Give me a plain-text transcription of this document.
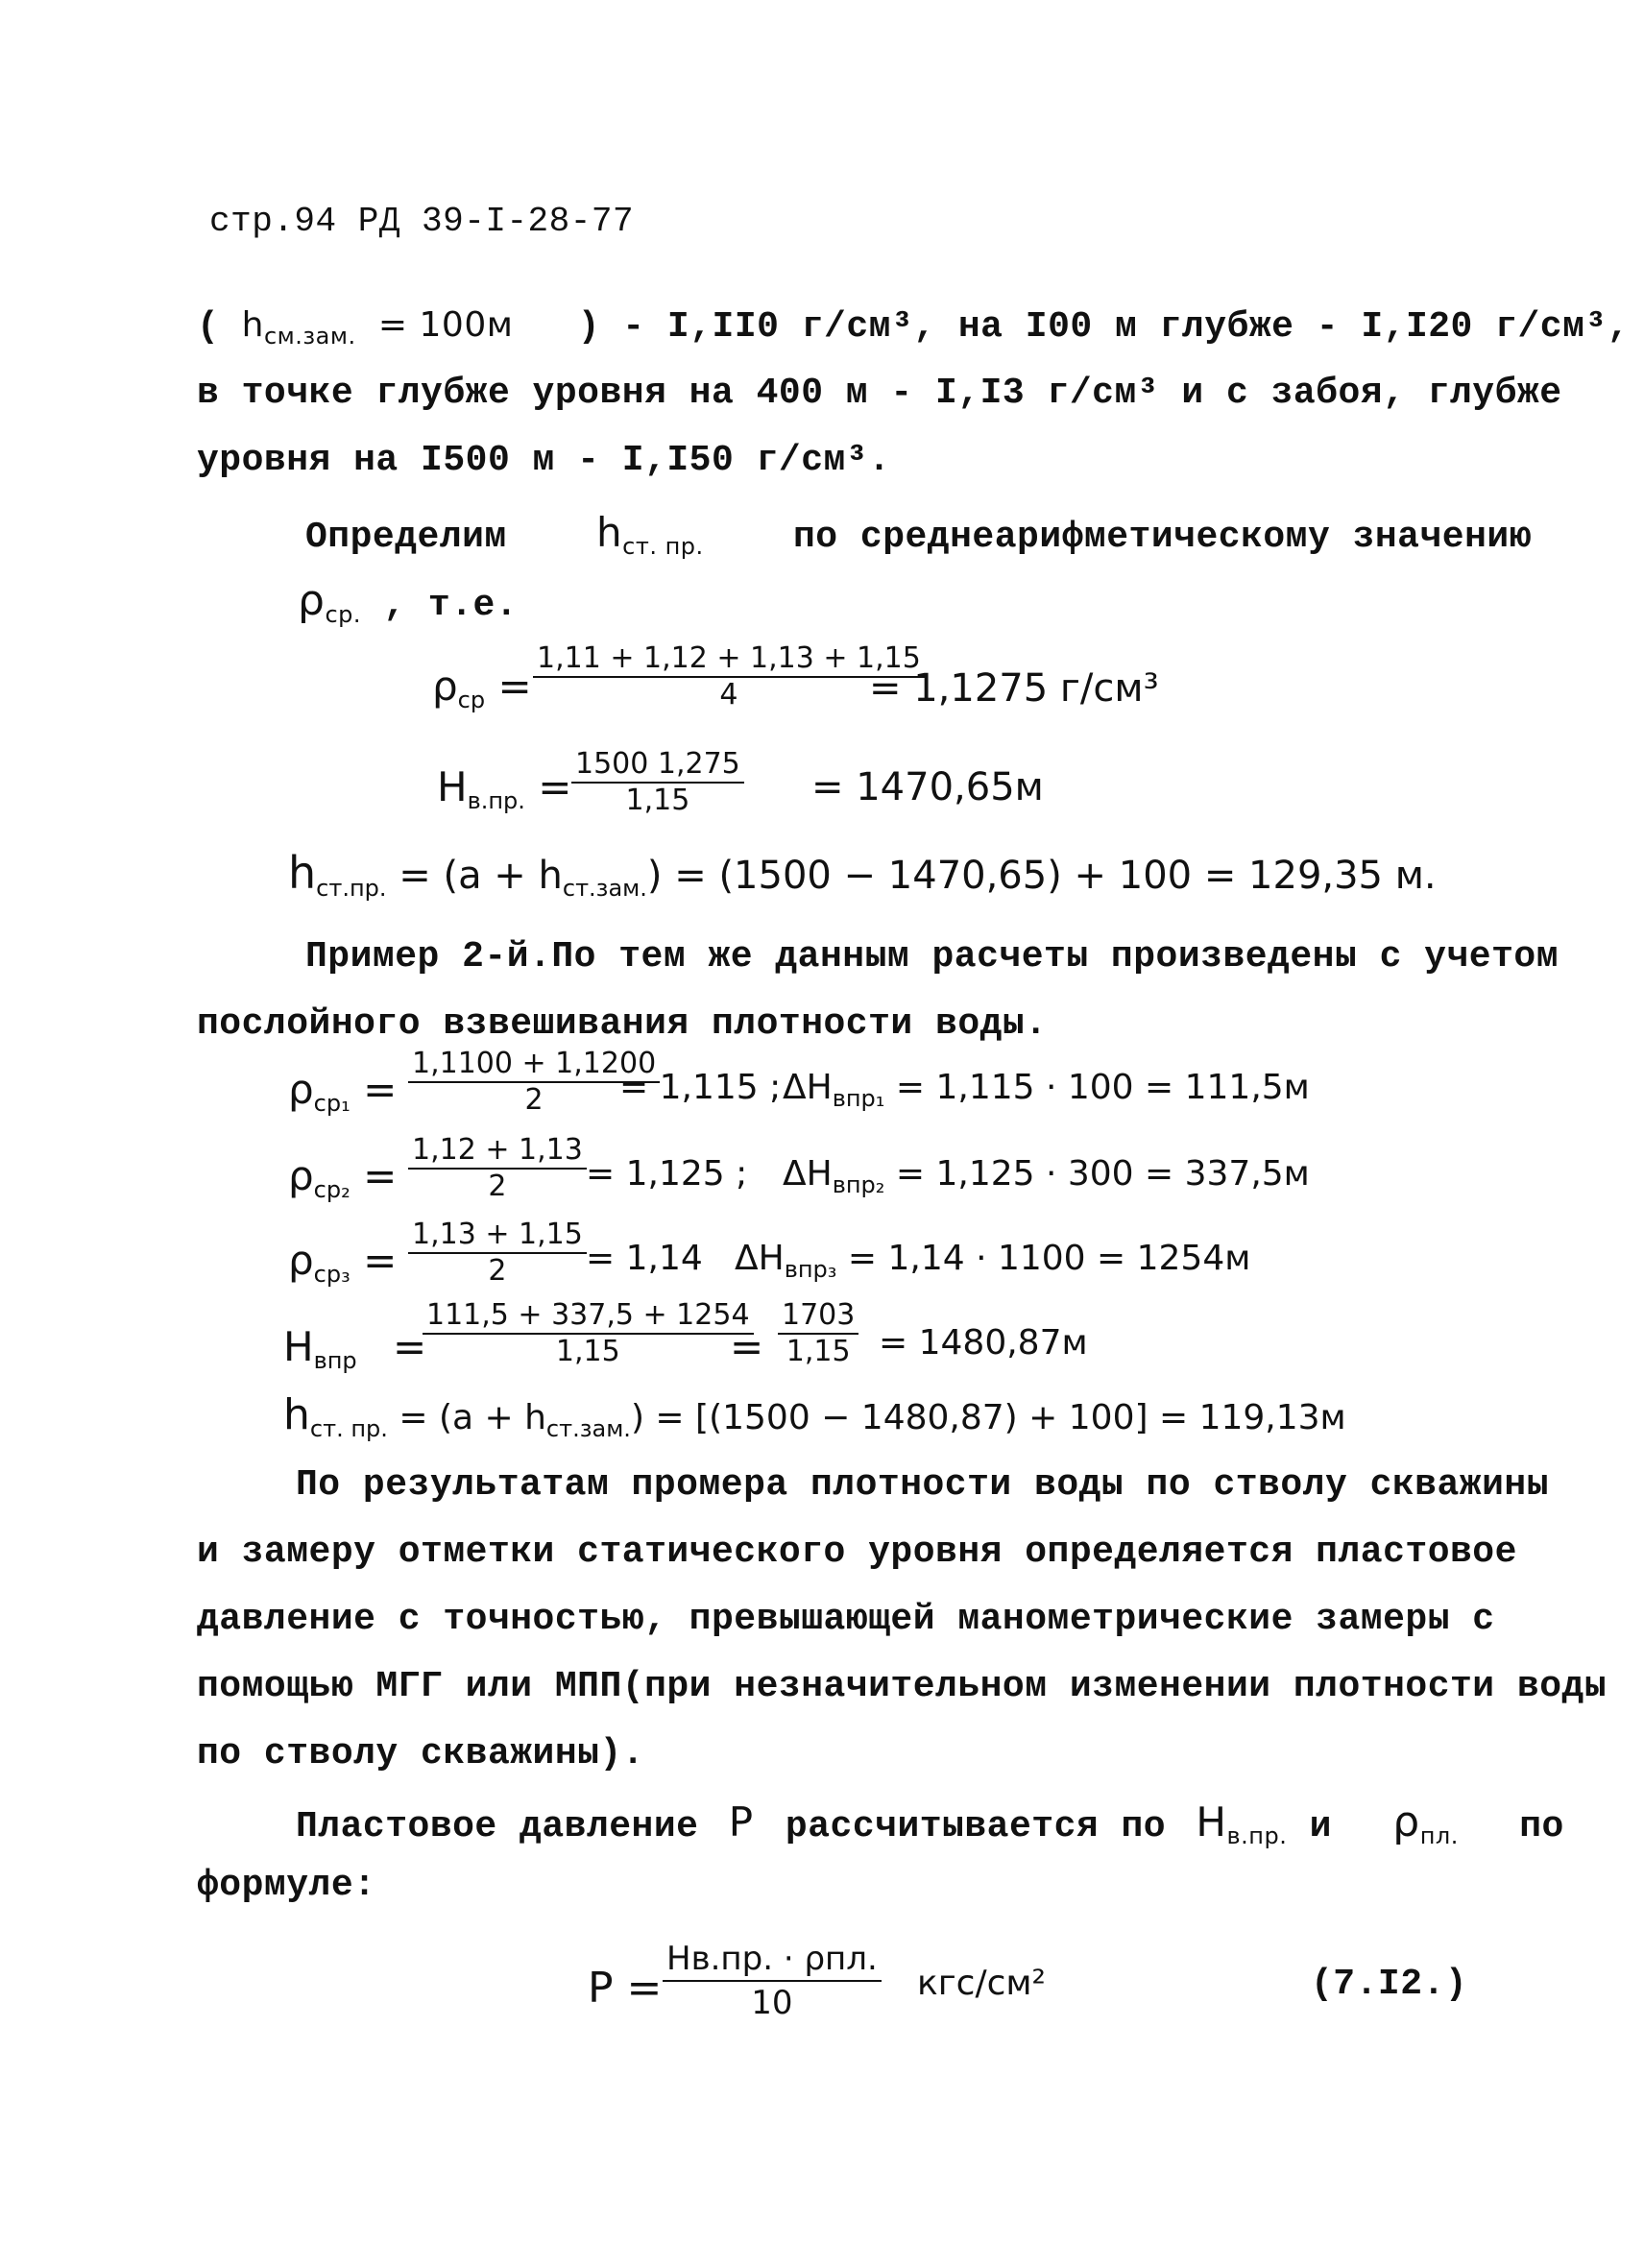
стр.94 РД 39-I-28-77
( $h_{см.зам.} = 100м$ ) - I,II0 г/см³, на I00 м глубже - I,I20 г/см³,
в точке глубже уровня на 400 м - I,I3 г/см³ и с забоя, глубже
уровня на I500 м - I,I50 г/см³.
Определим $h_{ст. пр.}$ по среднеарифметическому значению
$\rho_{ср.}$ , т.е.
$\rho_{ср} = \frac{1,11 + 1,12 + 1,13 + 1,15}{4}$
= 1,1275 г/см³
$H_{в.пр.} = \frac{1500 1,275}{1,15} = 1470,65м$
$h_{ст.пр.} = (a + h_{ст.зам.}) = (1500 - 1470,65) + 100 = 129,35$ м.
Пример 2-й.По тем же данным расчеты произведены с учетом
послойного взвешивания плотности воды.
$\rho_{ср_1} = \frac{1,1100 + 1,1200}{2}$
= 1,115 ; $\Delta H_{впр_1} = 1,115 \cdot 100 = 111,5м$
$\rho_{ср_2} = \frac{1,12 + 1,13}{2} = 1,125$ ; $\Delta H_{впр_2} = 1,125 \cdot 300 = 337,5м$
$\rho_{ср_3} = \frac{1,13 + 1,15}{2} = 1,14$ $\Delta H_{впр_3} = 1,14 \cdot 1100 = 1254м$
$H_{впр}$ =
$\frac{111,5 + 337,5 + 1254}{1,15}$
= $\frac{1703}{1,15} = 1480,87м$
$h_{ст. пр.} = (a + h_{ст.зам.}) = [(1500 - 1480,87) + 100] = 119,13м$
По результатам промера плотности воды по стволу скважины
и замеру отметки статического уровня определяется пластовое
давление с точностью, превышающей манометрические замеры с
помощью МГГ или МПП(при незначительном изменении плотности воды
по стволу скважины).
Пластовое давление P рассчитывается по $H_{в.пр.}$ и $\rho_{пл.}$ по
формуле:
P =
Hв.пр. · ρпл.
10	кгс/см²	(7.I2.)
